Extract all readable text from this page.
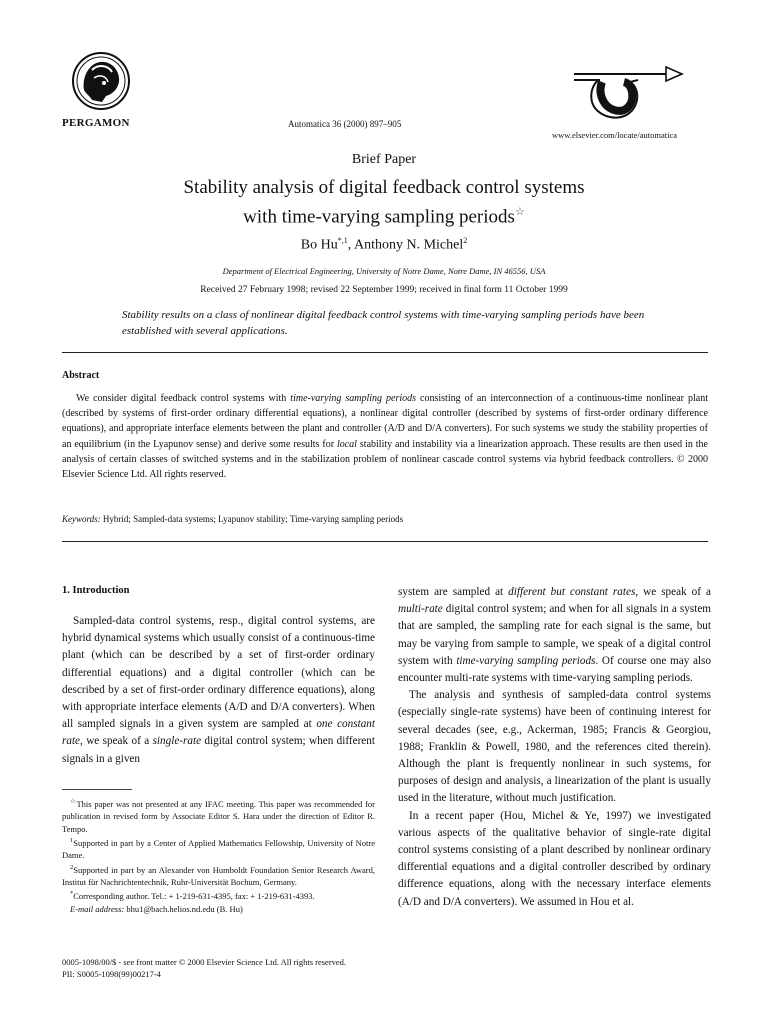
PERGAMON	Automatica 36 (2000) 897–905
www.elsevier.com/locate/automatica
Brief Paper
Stability analysis of digital feedback control systems
with time-varying sampling periods☆
Bo $Hu^{*,1}$, Anthony N. Michel$^2$
Department of Electrical Engineering, University of Notre Dame, Notre Dame, IN 46556, USA
Received 27 February 1998; revised 22 September 1999; received in final form 11 October 1999
Stability results on a class of nonlinear digital feedback control systems with time-varying sampling periods have been established with several applications.
Abstract
We consider digital feedback control systems with time-varying sampling periods consisting of an interconnection of a continuous-time nonlinear plant (described by systems of first-order ordinary differential equations), a nonlinear digital controller (described by systems of first-order ordinary difference equations), and appropriate interface elements between the plant and controller (A/D and D/A converters). For such systems we study the stability properties of an equilibrium (in the Lyapunov sense) and derive some results for local stability and instability via a linearization approach. These results are then used in the analysis of certain classes of switched systems and in the stabilization problem of nonlinear cascade control systems via hybrid feedback controllers. © 2000 Elsevier Science Ltd. All rights reserved.
Keywords: Hybrid; Sampled-data systems; Lyapunov stability; Time-varying sampling periods
1. Introduction

Sampled-data control systems, resp., digital control systems, are hybrid dynamical systems which usually consist of a continuous-time plant (which can be described by a set of first-order ordinary differential equations) and a digital controller (which can be described by a set of first-order ordinary difference equations), along with appropriate interface elements (A/D and D/A converters). When all sampled signals in a given system are sampled at one constant rate, we speak of a single-rate digital control system; when different signals in a given

system are sampled at different but constant rates, we speak of a multi-rate digital control system; and when for all signals in a system that are sampled, the sampling rate for each signal is the same, but may be varying from sample to sample, we speak of a digital control system with time-varying sampling periods. Of course one may also encounter multi-rate systems with time-varying sampling periods.

The analysis and synthesis of sampled-data control systems (especially single-rate systems) have been of continuing interest for several decades (see, e.g., Ackerman, 1985; Francis & Georgiou, 1988; Franklin & Powell, 1980, and the references cited therein). Although the plant is frequently nonlinear in such systems, for purposes of design and analysis, a linearization of the plant is usually used in the literature, without much justification.

In a recent paper (Hou, Michel & Ye, 1997) we investigated various aspects of the qualitative behavior of single-rate digital control systems consisting of a plant described by nonlinear ordinary differential equations and a digital controller described by ordinary difference equations, along with the necessary interface elements (A/D and D/A converters). We assumed in Hou et al.

☆This paper was not presented at any IFAC meeting. This paper was recommended for publication in revised form by Associate Editor S. Hara under the direction of Editor R. Tempo.

$^1$Supported in part by a Center of Applied Mathematics Fellowship, University of Notre Dame.

$^2$Supported in part by an Alexander von Humboldt Foundation Senior Research Award, Institut für Nachrichtentechnik, Ruhr-Universität Bochum, Germany.

*Corresponding author. Tel.: + 1-219-631-4395, fax: + 1-219-631-4393.

E-mail address: bhu1@bach.helios.nd.edu (B. Hu)

0005-1098/00/$ - see front matter © 2000 Elsevier Science Ltd. All rights reserved.
PII: S0005-1098(99)00217-4
